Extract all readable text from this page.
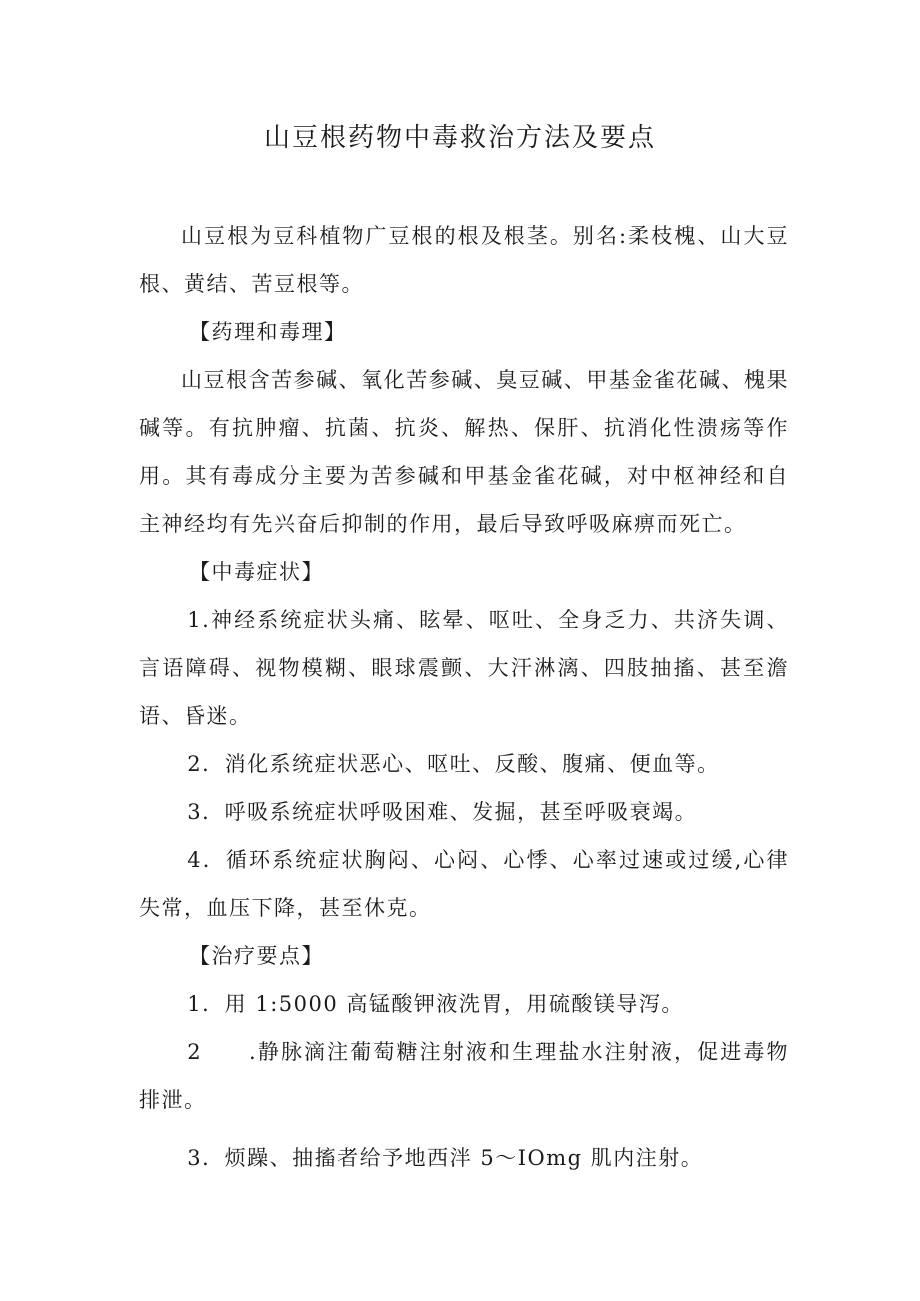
山豆根药物中毒救治方法及要点

山豆根为豆科植物广豆根的根及根茎。别名:柔枝槐、山大豆根、黄结、苦豆根等。

【药理和毒理】

山豆根含苦参碱、氧化苦参碱、臭豆碱、甲基金雀花碱、槐果碱等。有抗肿瘤、抗菌、抗炎、解热、保肝、抗消化性溃疡等作用。其有毒成分主要为苦参碱和甲基金雀花碱，对中枢神经和自主神经均有先兴奋后抑制的作用，最后导致呼吸麻痹而死亡。

【中毒症状】

1.神经系统症状头痛、眩晕、呕吐、全身乏力、共济失调、言语障碍、视物模糊、眼球震颤、大汗淋漓、四肢抽搐、甚至澹语、昏迷。

2．消化系统症状恶心、呕吐、反酸、腹痛、便血等。

3．呼吸系统症状呼吸困难、发掘，甚至呼吸衰竭。

4．循环系统症状胸闷、心闷、心悸、心率过速或过缓,心律失常，血压下降，甚至休克。

【治疗要点】

1．用 1:5000 高锰酸钾液洗胃，用硫酸镁导泻。

2　　.静脉滴注葡萄糖注射液和生理盐水注射液，促进毒物排泄。

3．烦躁、抽搐者给予地西泮 5～IOmg 肌内注射。
